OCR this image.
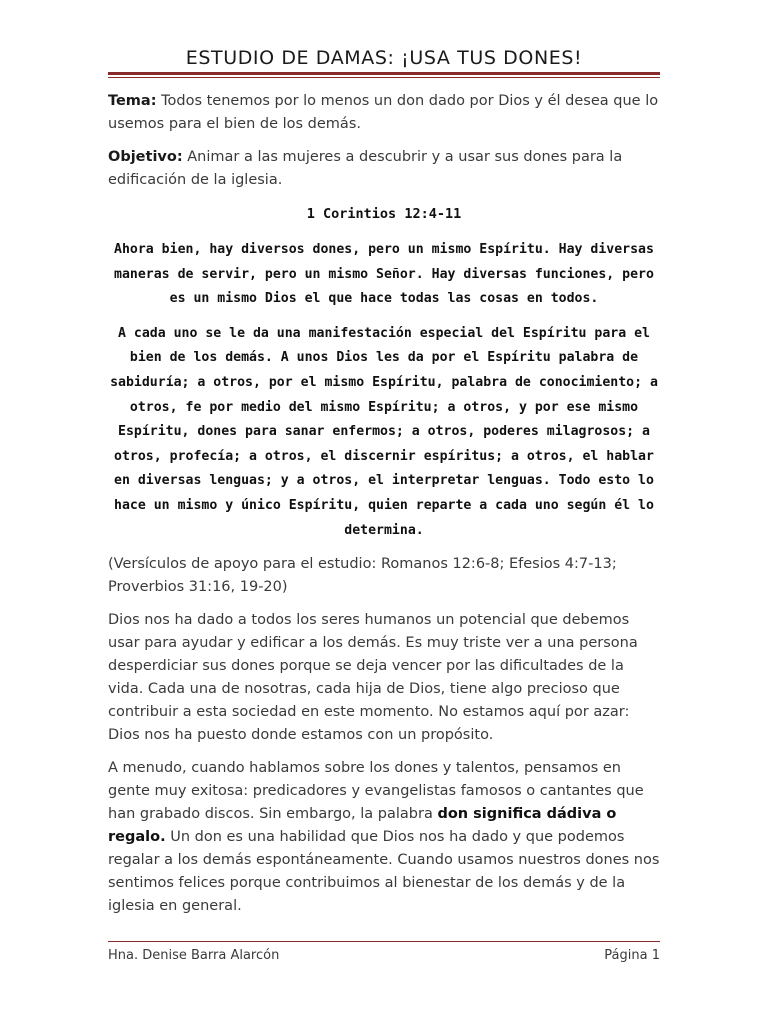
ESTUDIO DE DAMAS: ¡USA TUS DONES!

Tema: Todos tenemos por lo menos un don dado por Dios y él desea que lo usemos para el bien de los demás.

Objetivo: Animar a las mujeres a descubrir y a usar sus dones para la edificación de la iglesia.

1 Corintios 12:4-11

Ahora bien, hay diversos dones, pero un mismo Espíritu. Hay diversas maneras de servir, pero un mismo Señor. Hay diversas funciones, pero es un mismo Dios el que hace todas las cosas en todos.

A cada uno se le da una manifestación especial del Espíritu para el bien de los demás. A unos Dios les da por el Espíritu palabra de sabiduría; a otros, por el mismo Espíritu, palabra de conocimiento; a otros, fe por medio del mismo Espíritu; a otros, y por ese mismo Espíritu, dones para sanar enfermos; a otros, poderes milagrosos; a otros, profecía; a otros, el discernir espíritus; a otros, el hablar en diversas lenguas; y a otros, el interpretar lenguas. Todo esto lo hace un mismo y único Espíritu, quien reparte a cada uno según él lo determina.

(Versículos de apoyo para el estudio: Romanos 12:6-8; Efesios 4:7-13; Proverbios 31:16, 19-20)

Dios nos ha dado a todos los seres humanos un potencial que debemos usar para ayudar y edificar a los demás. Es muy triste ver a una persona desperdiciar sus dones porque se deja vencer por las dificultades de la vida. Cada una de nosotras, cada hija de Dios, tiene algo precioso que contribuir a esta sociedad en este momento. No estamos aquí por azar: Dios nos ha puesto donde estamos con un propósito.

A menudo, cuando hablamos sobre los dones y talentos, pensamos en gente muy exitosa: predicadores y evangelistas famosos o cantantes que han grabado discos. Sin embargo, la palabra don significa dádiva o regalo. Un don es una habilidad que Dios nos ha dado y que podemos regalar a los demás espontáneamente. Cuando usamos nuestros dones nos sentimos felices porque contribuimos al bienestar de los demás y de la iglesia en general.

Hna. Denise Barra Alarcón	Página 1
